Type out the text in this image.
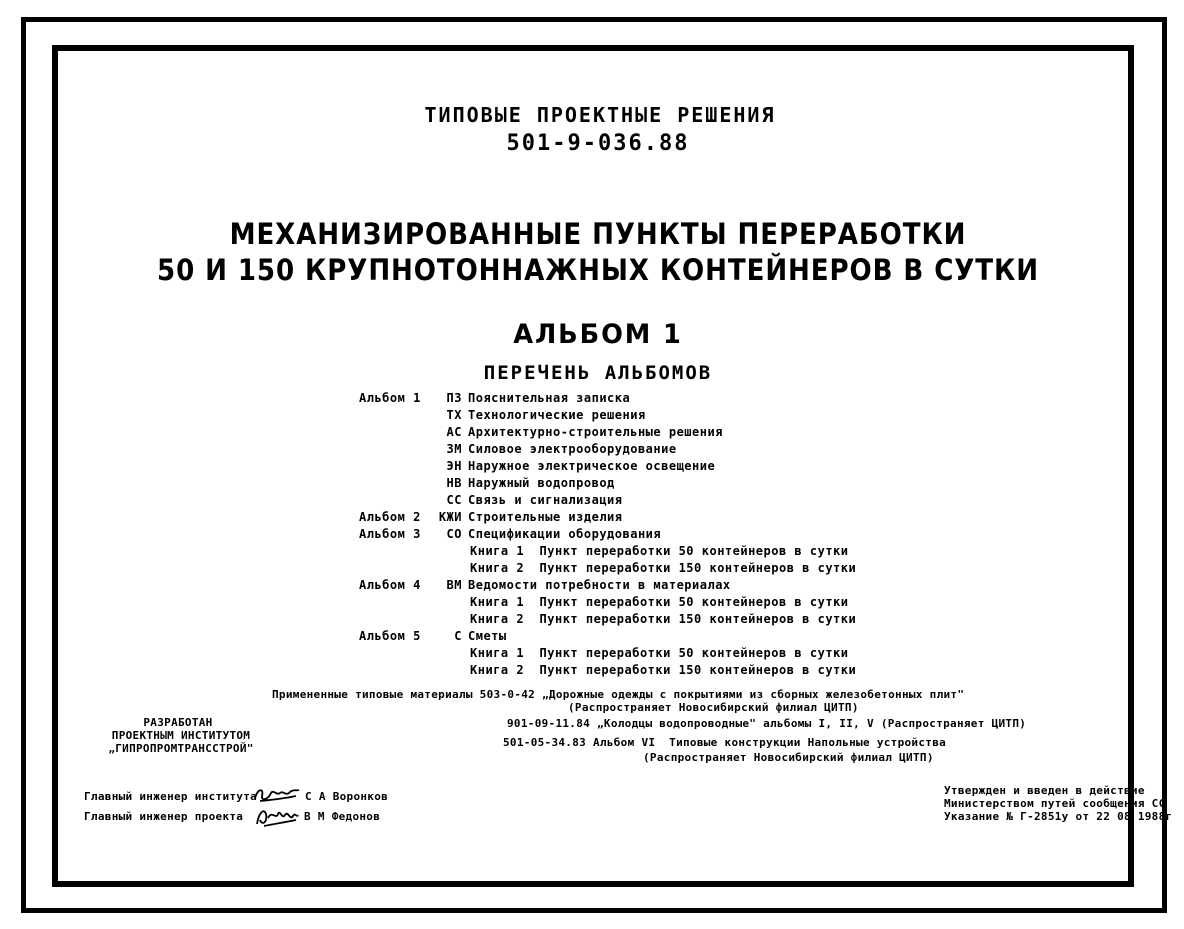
ТИПОВЫЕ ПРОЕКТНЫЕ РЕШЕНИЯ
501-9-036.88
МЕХАНИЗИРОВАННЫЕ ПУНКТЫ ПЕРЕРАБОТКИ
50 И 150 КРУПНОТОННАЖНЫХ КОНТЕЙНЕРОВ В СУТКИ
АЛЬБОМ 1
ПЕРЕЧЕНЬ АЛЬБОМОВ
Альбом 1 ПЗ Пояснительная записка
ТХ Технологические решения
АС Архитектурно-строительные решения
ЗМ Силовое электрооборудование
ЭН Наружное электрическое освещение
НВ Наружный водопровод
СС Связь и сигнализация
Альбом 2 КЖИ Строительные изделия
Альбом 3 СО Спецификации оборудования
Книга 1  Пункт переработки 50 контейнеров в сутки
Книга 2  Пункт переработки 150 контейнеров в сутки
Альбом 4 ВМ Ведомости потребности в материалах
Книга 1  Пункт переработки 50 контейнеров в сутки
Книга 2  Пункт переработки 150 контейнеров в сутки
Альбом 5	С Сметы
Книга 1  Пункт переработки 50 контейнеров в сутки
Книга 2  Пункт переработки 150 контейнеров в сутки
Примененные типовые материалы 503-0-42 „Дорожные одежды с покрытиями из сборных железобетонных плит"
(Распространяет Новосибирский филиал ЦИТП)
901-09-11.84 „Колодцы водопроводные" альбомы I, II, V (Распространяет ЦИТП)
501-05-34.83 Альбом VI  Типовые конструкции Напольные устройства
(Распространяет Новосибирский филиал ЦИТП)
РАЗРАБОТАН
ПРОЕКТНЫМ ИНСТИТУТОМ
„ГИПРОПРОМТРАНССТРОЙ"
Главный инженер института	С А Воронков
Главный инженер проекта	В М Федонов
Утвержден и введен в действие
Министерством путей сообщения СС
Указание № Г-2851у от 22 08 1988г
